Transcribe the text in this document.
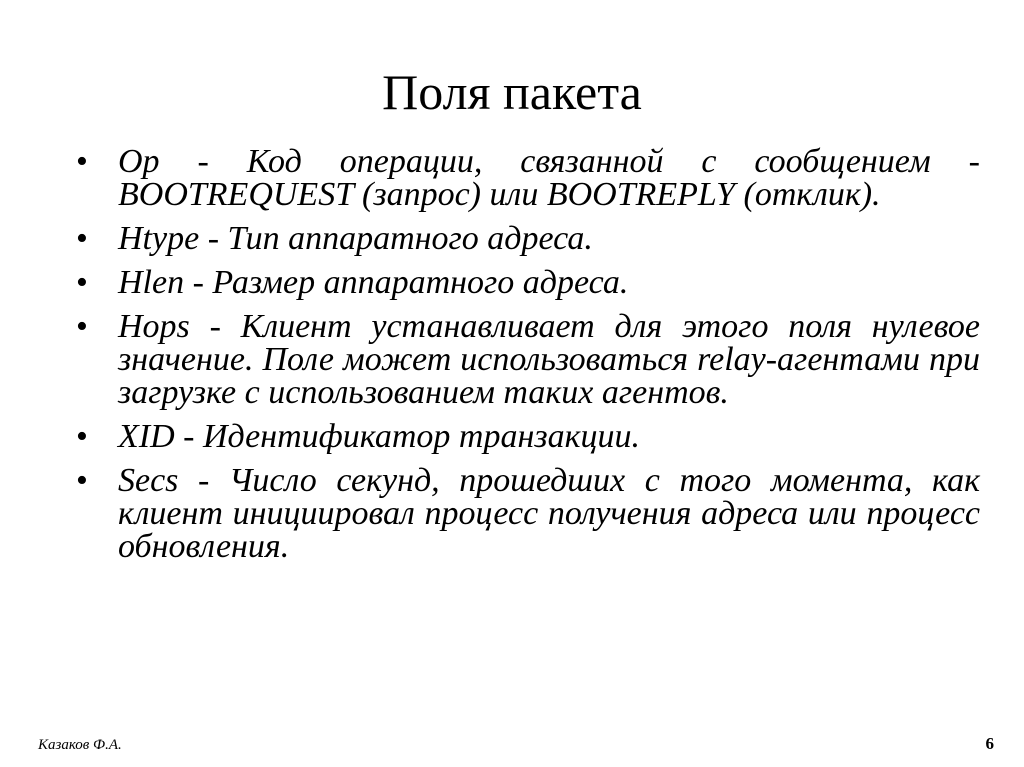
Поля пакета
• Op - Код операции, связанной с сообщением - BOOTREQUEST (запрос) или BOOTREPLY (отклик).
• Htype - Тип аппаратного адреса.
• Hlen - Размер аппаратного адреса.
• Hops - Клиент устанавливает для этого поля нулевое значение. Поле может использоваться relay-агентами при загрузке с использованием таких агентов.
• XID - Идентификатор транзакции.
• Secs - Число секунд, прошедших с того момента, как клиент инициировал процесс получения адреса или процесс обновления.
Казаков Ф.А.	6
